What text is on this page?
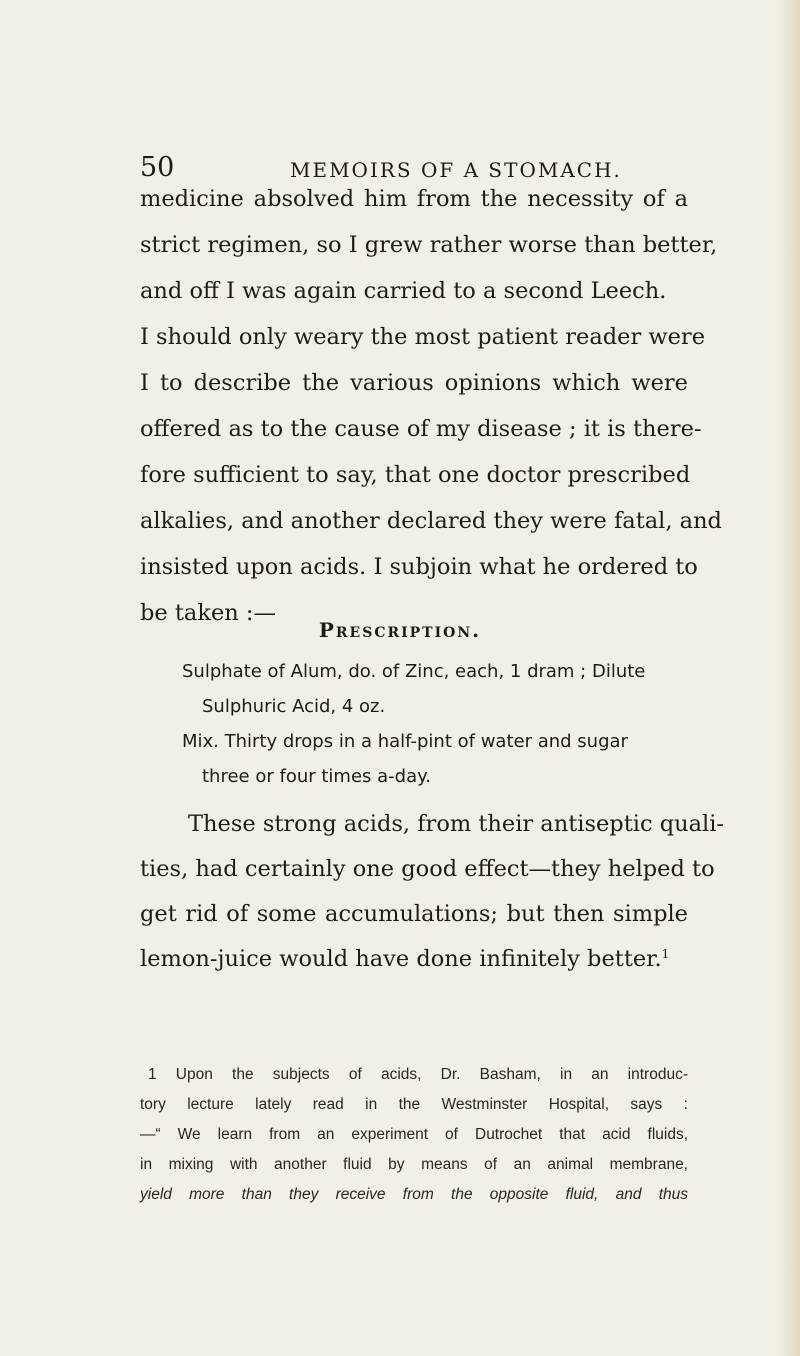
50	MEMOIRS OF A STOMACH.
medicine absolved him from the necessity of a
strict regimen, so I grew rather worse than better,
and off I was again carried to a second Leech.
I should only weary the most patient reader were
I to describe the various opinions which were
offered as to the cause of my disease ; it is there-
fore sufficient to say, that one doctor prescribed
alkalies, and another declared they were fatal, and
insisted upon acids. I subjoin what he ordered to
be taken :—
Prescription.
Sulphate of Alum, do. of Zinc, each, 1 dram ; Dilute
Sulphuric Acid, 4 oz.
Mix. Thirty drops in a half-pint of water and sugar
three or four times a-day.
These strong acids, from their antiseptic quali-
ties, had certainly one good effect—they helped to
get rid of some accumulations; but then simple
lemon-juice would have done infinitely better.$^1$
1 Upon the subjects of acids, Dr. Basham, in an introduc-
tory lecture lately read in the Westminster Hospital, says :
—“ We learn from an experiment of Dutrochet that acid fluids,
in mixing with another fluid by means of an animal membrane,
yield more than they receive from the opposite fluid, and thus
